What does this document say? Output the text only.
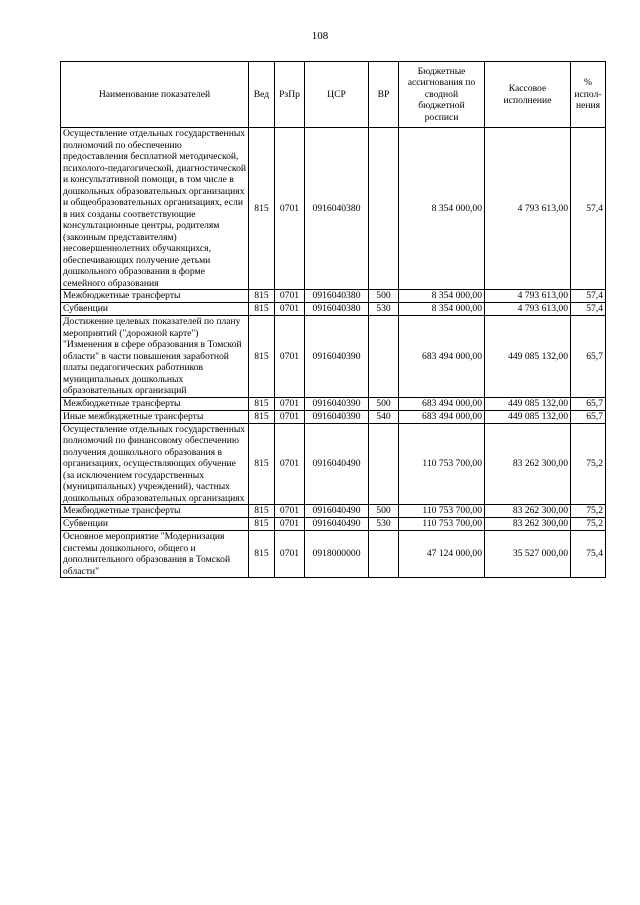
108
Наименование показателей	Вед	РзПр	ЦСР	ВР	Бюджетные ассигнования по сводной бюджетной росписи	Кассовое исполнение	% испол-нения
Осуществление отдельных государственных полномочий по обеспечению предоставления бесплатной методической, психолого-педагогической, диагностической и консультативной помощи, в том числе в дошкольных образовательных организациях и общеобразовательных организациях, если в них созданы соответствующие консультационные центры, родителям (законным представителям) несовершеннолетних обучающихся, обеспечивающих получение детьми дошкольного образования в форме семейного образования	815	0701	0916040380		8 354 000,00	4 793 613,00	57,4
Межбюджетные трансферты	815	0701	0916040380	500	8 354 000,00	4 793 613,00	57,4
Субвенции	815	0701	0916040380	530	8 354 000,00	4 793 613,00	57,4
Достижение целевых показателей по плану мероприятий ("дорожной карте") "Изменения в сфере образования в Томской области" в части повышения заработной платы педагогических работников муниципальных дошкольных образовательных организаций	815	0701	0916040390		683 494 000,00	449 085 132,00	65,7
Межбюджетные трансферты	815	0701	0916040390	500	683 494 000,00	449 085 132,00	65,7
Иные межбюджетные трансферты	815	0701	0916040390	540	683 494 000,00	449 085 132,00	65,7
Осуществление отдельных государственных полномочий по финансовому обеспечению получения дошкольного образования в организациях, осуществляющих обучение (за исключением государственных (муниципальных) учреждений), частных дошкольных образовательных организациях	815	0701	0916040490		110 753 700,00	83 262 300,00	75,2
Межбюджетные трансферты	815	0701	0916040490	500	110 753 700,00	83 262 300,00	75,2
Субвенции	815	0701	0916040490	530	110 753 700,00	83 262 300,00	75,2
Основное мероприятие "Модернизация системы дошкольного, общего и дополнительного образования в Томской области"	815	0701	0918000000		47 124 000,00	35 527 000,00	75,4
